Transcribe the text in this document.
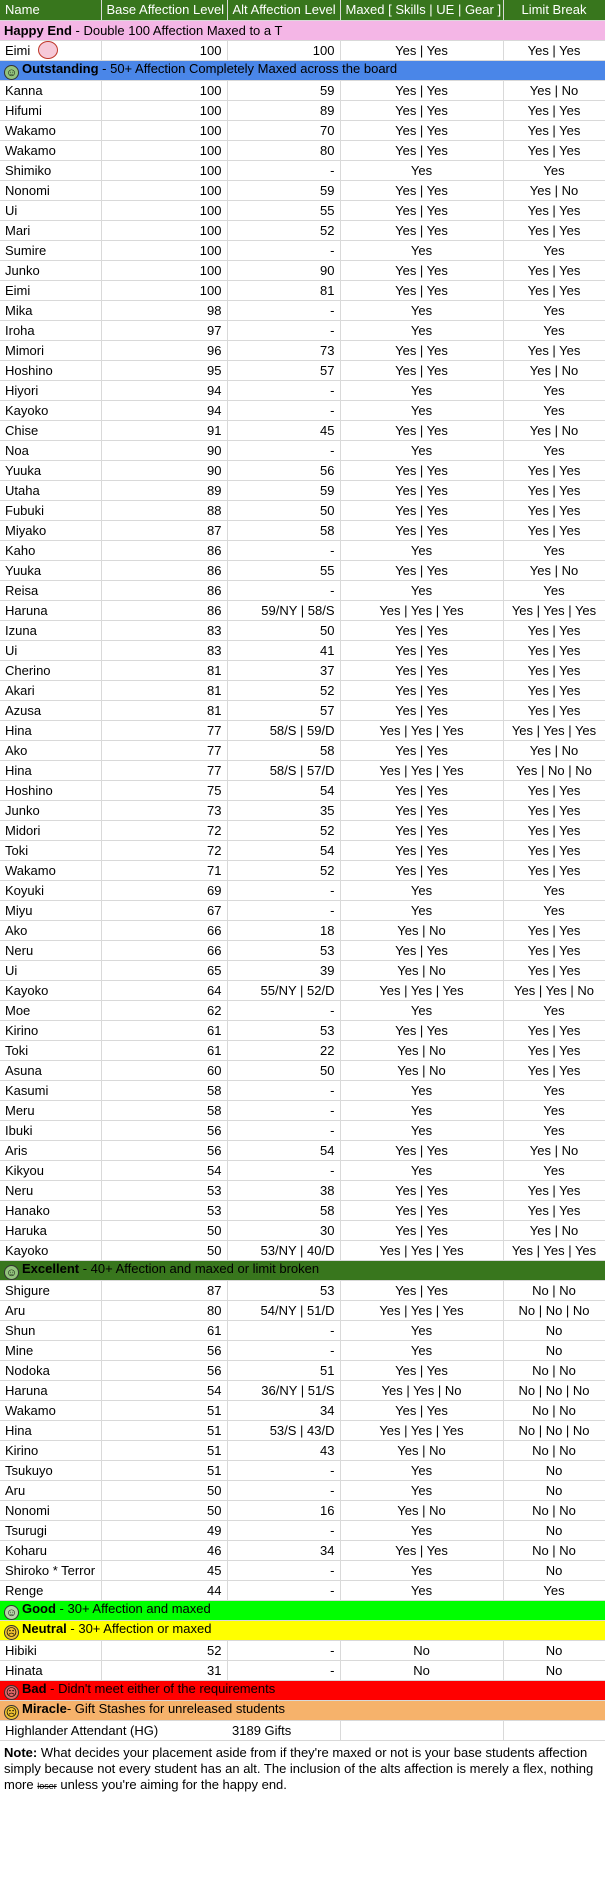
Name	Base Affection Level	Alt Affection Level	Maxed [ Skills | UE | Gear ]	Limit Break
Happy End - Double 100 Affection Maxed to a T				
Eimi	100	100	Yes | Yes	Yes | Yes
☺ Outstanding - 50+ Affection Completely Maxed across the board				
Kanna	100	59	Yes | Yes	Yes | No
Hifumi	100	89	Yes | Yes	Yes | Yes
Wakamo	100	70	Yes | Yes	Yes | Yes
Wakamo	100	80	Yes | Yes	Yes | Yes
Shimiko	100	-	Yes	Yes
Nonomi	100	59	Yes | Yes	Yes | No
Ui	100	55	Yes | Yes	Yes | Yes
Mari	100	52	Yes | Yes	Yes | Yes
Sumire	100	-	Yes	Yes
Junko	100	90	Yes | Yes	Yes | Yes
Eimi	100	81	Yes | Yes	Yes | Yes
Mika	98	-	Yes	Yes
Iroha	97	-	Yes	Yes
Mimori	96	73	Yes | Yes	Yes | Yes
Hoshino	95	57	Yes | Yes	Yes | No
Hiyori	94	-	Yes	Yes
Kayoko	94	-	Yes	Yes
Chise	91	45	Yes | Yes	Yes | No
Noa	90	-	Yes	Yes
Yuuka	90	56	Yes | Yes	Yes | Yes
Utaha	89	59	Yes | Yes	Yes | Yes
Fubuki	88	50	Yes | Yes	Yes | Yes
Miyako	87	58	Yes | Yes	Yes | Yes
Kaho	86	-	Yes	Yes
Yuuka	86	55	Yes | Yes	Yes | No
Reisa	86	-	Yes	Yes
Haruna	86	59/NY | 58/S	Yes | Yes | Yes	Yes | Yes | Yes
Izuna	83	50	Yes | Yes	Yes | Yes
Ui	83	41	Yes | Yes	Yes | Yes
Cherino	81	37	Yes | Yes	Yes | Yes
Akari	81	52	Yes | Yes	Yes | Yes
Azusa	81	57	Yes | Yes	Yes | Yes
Hina	77	58/S | 59/D	Yes | Yes | Yes	Yes | Yes | Yes
Ako	77	58	Yes | Yes	Yes | No
Hina	77	58/S | 57/D	Yes | Yes | Yes	Yes | No | No
Hoshino	75	54	Yes | Yes	Yes | Yes
Junko	73	35	Yes | Yes	Yes | Yes
Midori	72	52	Yes | Yes	Yes | Yes
Toki	72	54	Yes | Yes	Yes | Yes
Wakamo	71	52	Yes | Yes	Yes | Yes
Koyuki	69	-	Yes	Yes
Miyu	67	-	Yes	Yes
Ako	66	18	Yes | No	Yes | Yes
Neru	66	53	Yes | Yes	Yes | Yes
Ui	65	39	Yes | No	Yes | Yes
Kayoko	64	55/NY | 52/D	Yes | Yes | Yes	Yes | Yes | No
Moe	62	-	Yes	Yes
Kirino	61	53	Yes | Yes	Yes | Yes
Toki	61	22	Yes | No	Yes | Yes
Asuna	60	50	Yes | No	Yes | Yes
Kasumi	58	-	Yes	Yes
Meru	58	-	Yes	Yes
Ibuki	56	-	Yes	Yes
Aris	56	54	Yes | Yes	Yes | No
Kikyou	54	-	Yes	Yes
Neru	53	38	Yes | Yes	Yes | Yes
Hanako	53	58	Yes | Yes	Yes | Yes
Haruka	50	30	Yes | Yes	Yes | No
Kayoko	50	53/NY | 40/D	Yes | Yes | Yes	Yes | Yes | Yes
☺ Excellent - 40+ Affection and maxed or limit broken				
Shigure	87	53	Yes | Yes	No | No
Aru	80	54/NY | 51/D	Yes | Yes | Yes	No | No | No
Shun	61	-	Yes	No
Mine	56	-	Yes	No
Nodoka	56	51	Yes | Yes	No | No
Haruna	54	36/NY | 51/S	Yes | Yes | No	No | No | No
Wakamo	51	34	Yes | Yes	No | No
Hina	51	53/S | 43/D	Yes | Yes | Yes	No | No | No
Kirino	51	43	Yes | No	No | No
Tsukuyo	51	-	Yes	No
Aru	50	-	Yes	No
Nonomi	50	16	Yes | No	No | No
Tsurugi	49	-	Yes	No
Koharu	46	34	Yes | Yes	No | No
Shiroko * Terror	45	-	Yes	No
Renge	44	-	Yes	Yes
☺ Good - 30+ Affection and maxed				
☹ Neutral - 30+ Affection or maxed				
Hibiki	52	-	No	No
Hinata	31	-	No	No
☹ Bad - Didn't meet either of the requirements				
☹ Miracle- Gift Stashes for unreleased students				
Highlander Attendant (HG)		3189 Gifts		
Note: What decides your placement aside from if they're maxed or not is your base students affection simply because not every student has an alt. The inclusion of the alts affection is merely a flex, nothing more loser unless you're aiming for the happy end.
